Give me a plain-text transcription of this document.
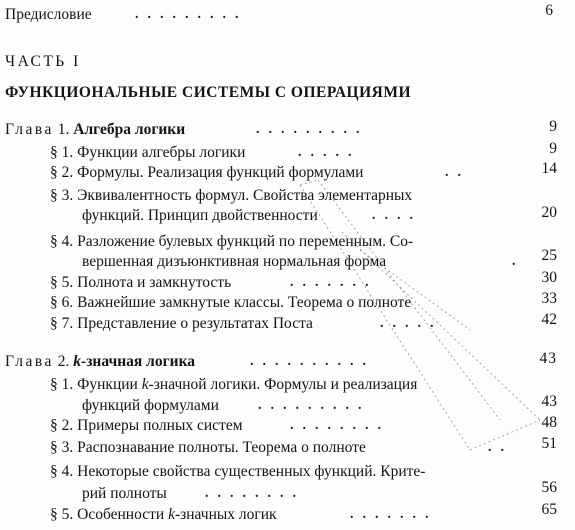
Предисловие	.........	6
ЧАСТЬ I
ФУНКЦИОНАЛЬНЫЕ СИСТЕМЫ С ОПЕРАЦИЯМИ
Глава 1. Алгебра логики	.........	9
§ 1. Функции алгебры логики	.....	9
§ 2. Формулы. Реализация функций формулами	..	14
§ 3. Эквивалентность формул. Свойства элементарных
функций. Принцип двойственности	....	20
§ 4. Разложение булевых функций по переменным. Со-
вершенная дизъюнктивная нормальная форма	. 25
§ 5. Полнота и замкнутость	.......	30
§ 6. Важнейшие замкнутые классы. Теорема о полноте	33
§ 7. Представление о результатах Поста	.....	42
Глава 2. k-значная логика	..........	43
§ 1. Функции k-значной логики. Формулы и реализация
функций формулами	.........	43
§ 2. Примеры полных систем	........	48
§ 3. Распознавание полноты. Теорема о полноте	.. 51
§ 4. Некоторые свойства существенных функций. Крите-
рий полноты	........	56
§ 5. Особенности k-значных логик	.......	65
